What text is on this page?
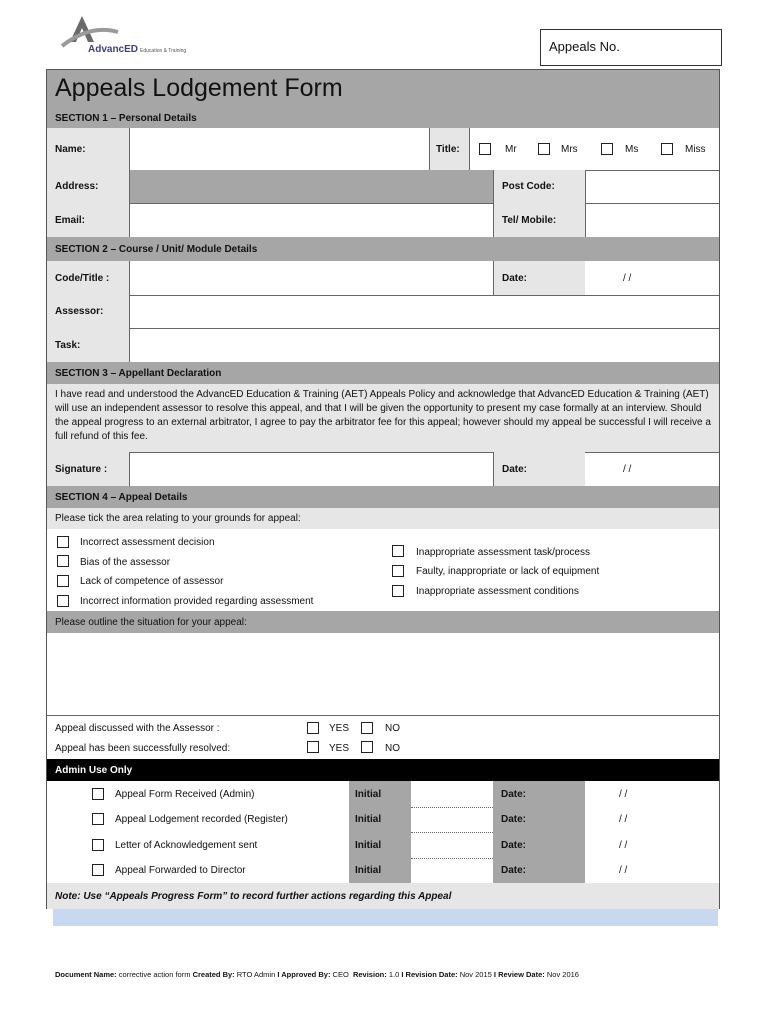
AdvancED Education & Training	Appeals No.
Appeals Lodgement Form
SECTION 1 – Personal Details
Name:	Title:	Mr	Mrs	Ms	Miss
Address:	Post Code:
Email:	Tel/ Mobile:
SECTION 2 – Course / Unit/ Module Details
Code/Title :	Date:	/ /
Assessor:
Task:
SECTION 3 – Appellant Declaration
I have read and understood the AdvancED Education & Training (AET) Appeals Policy and acknowledge that AdvancED Education & Training (AET) will use an independent assessor to resolve this appeal, and that I will be given the opportunity to present my case formally at an interview. Should the appeal progress to an external arbitrator, I agree to pay the arbitrator fee for this appeal; however should my appeal be successful I will receive a full refund of this fee.
Signature :	Date:	/ /
SECTION 4 – Appeal Details
Please tick the area relating to your grounds for appeal:
Incorrect assessment decision
Bias of the assessor
Lack of competence of assessor
Incorrect information provided regarding assessment
Inappropriate assessment task/process
Faulty, inappropriate or lack of equipment
Inappropriate assessment conditions
Please outline the situation for your appeal:
Appeal discussed with the Assessor :	YES	NO
Appeal has been successfully resolved:	YES	NO
Admin Use Only
Appeal Form Received (Admin)	Initial	Date:	/ /
Appeal Lodgement recorded (Register)	Initial	Date:	/ /
Letter of Acknowledgement sent	Initial	Date:	/ /
Appeal Forwarded to Director	Initial	Date:	/ /
Note: Use “Appeals Progress Form” to record further actions regarding this Appeal
Document Name: corrective action form Created By: RTO Admin I Approved By: CEO Revision: 1.0 I Revision Date: Nov 2015 I Review Date: Nov 2016
